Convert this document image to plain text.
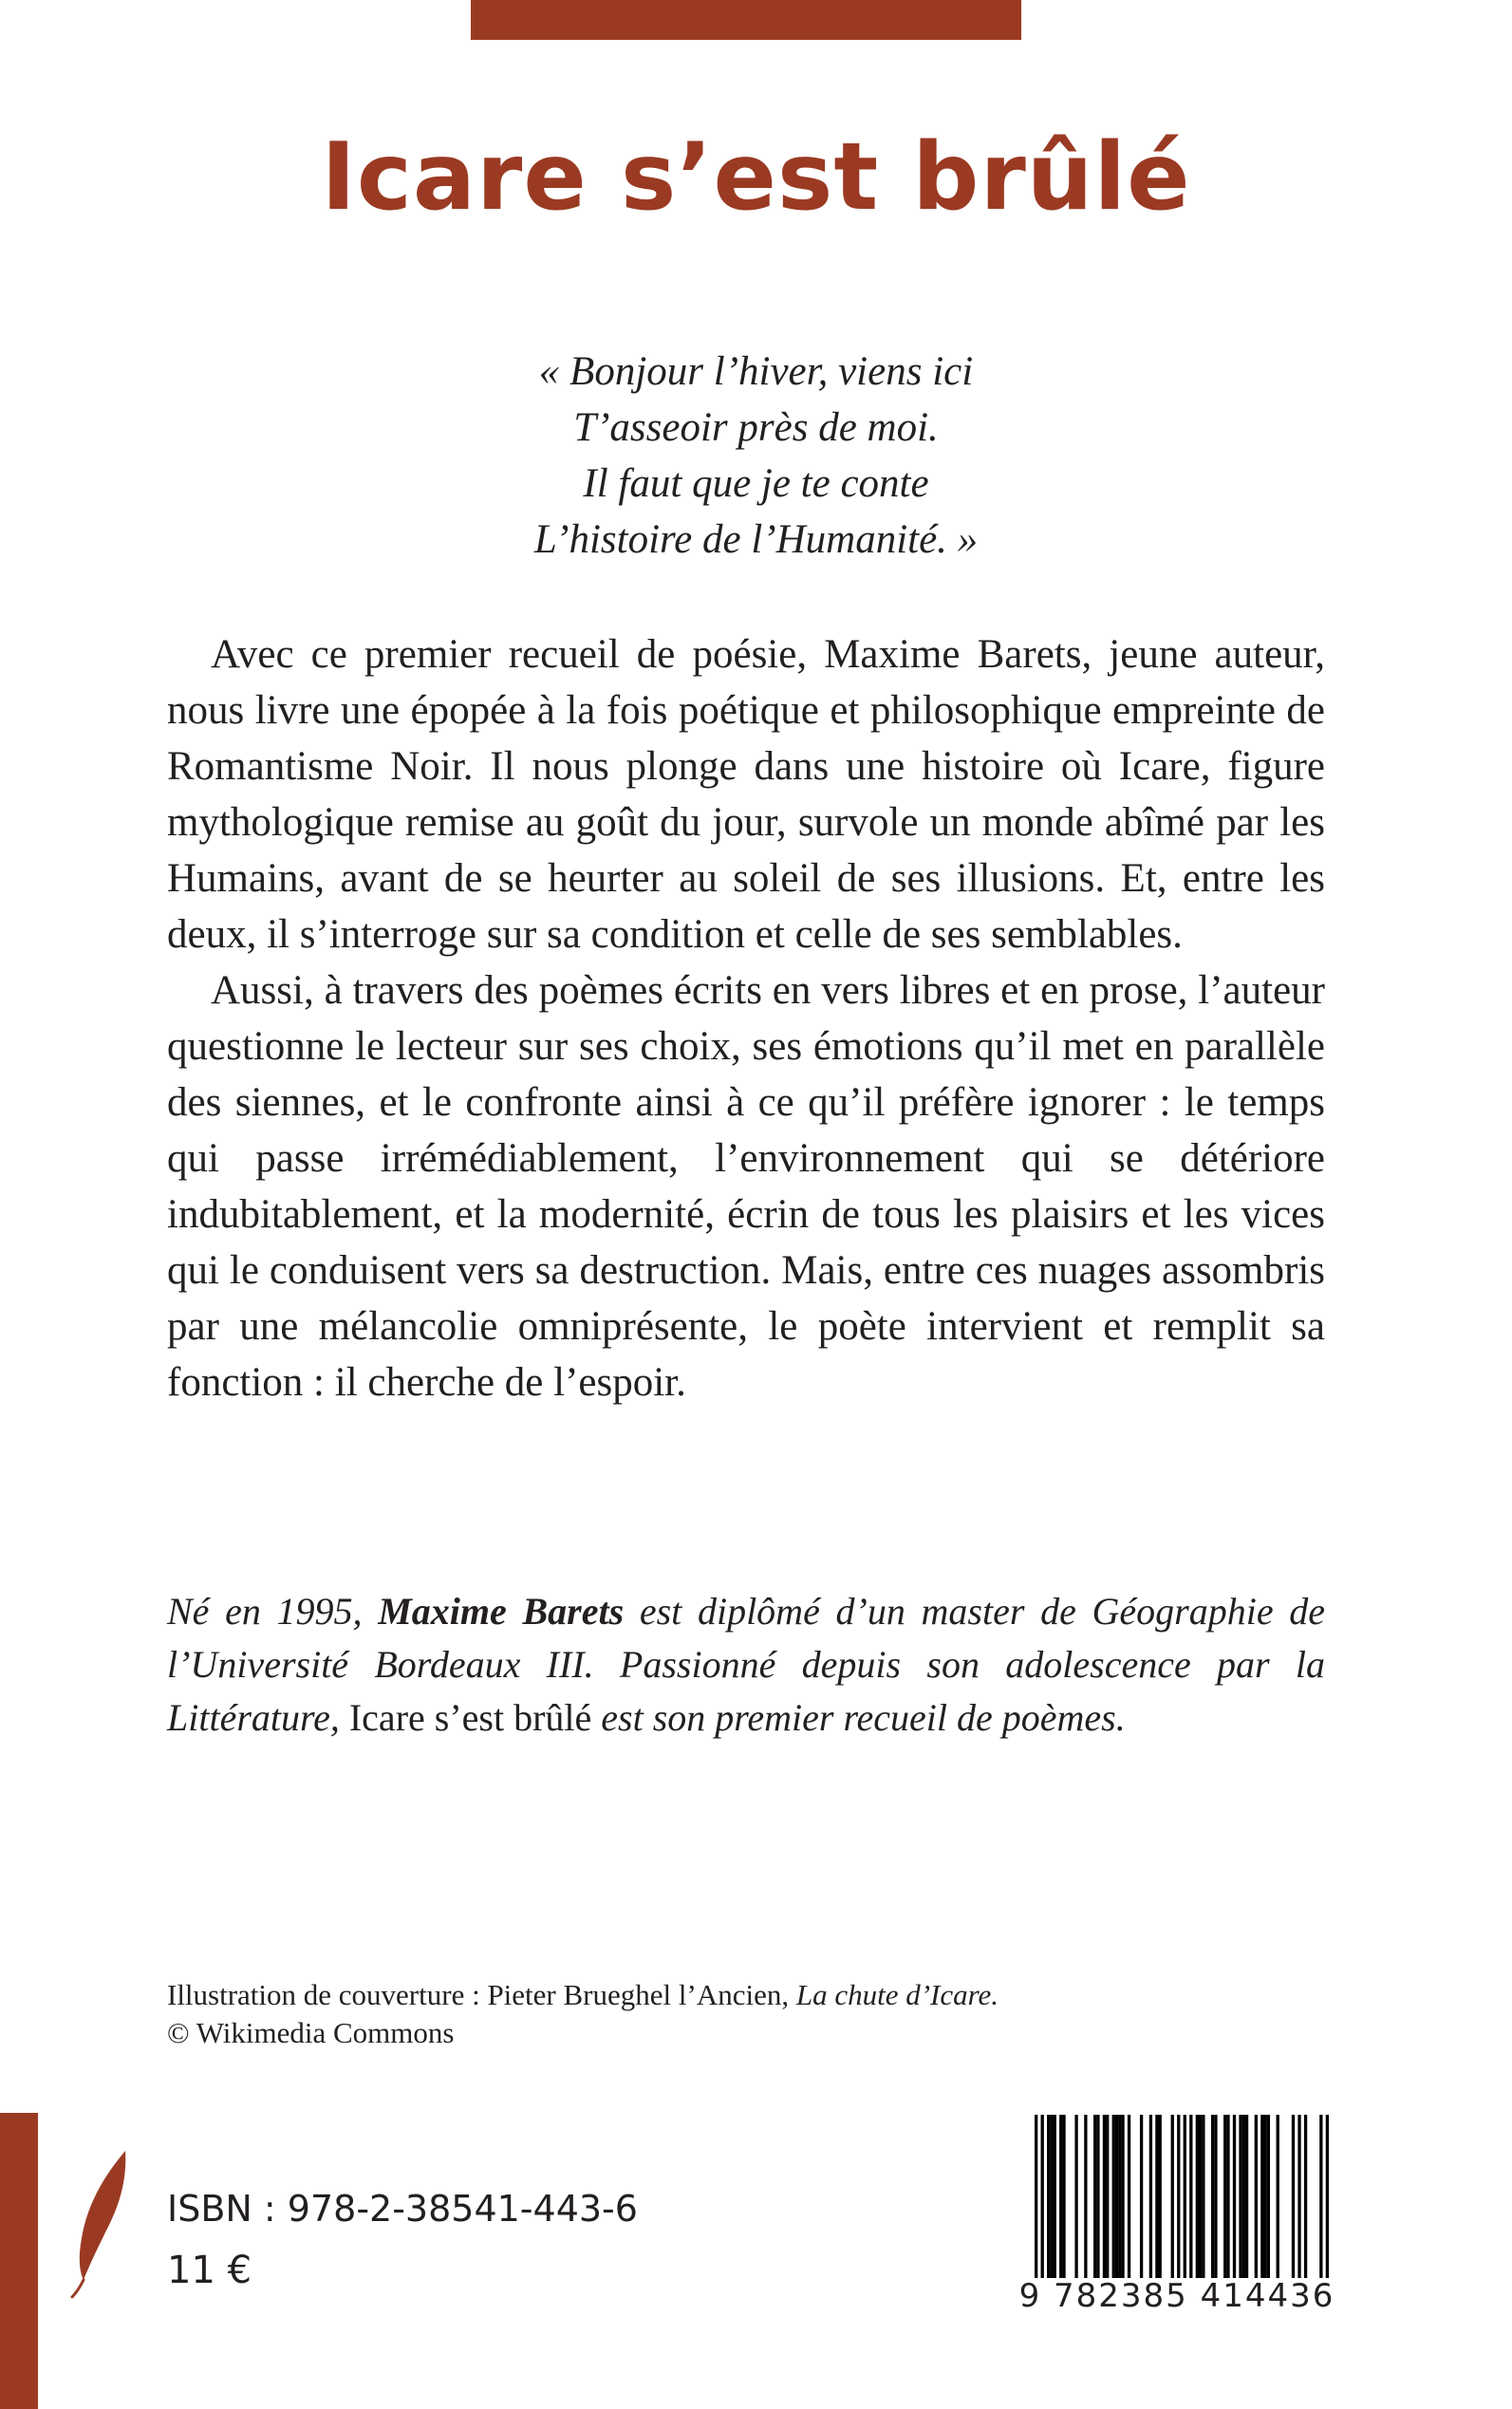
Icare s’est brûlé
« Bonjour l’hiver, viens ici
T’asseoir près de moi.
Il faut que je te conte
L’histoire de l’Humanité. »

Avec ce premier recueil de poésie, Maxime Barets, jeune auteur, nous livre une épopée à la fois poétique et philosophique empreinte de Romantisme Noir. Il nous plonge dans une histoire où Icare, figure mythologique remise au goût du jour, survole un monde abîmé par les Humains, avant de se heurter au soleil de ses illusions. Et, entre les deux, il s’interroge sur sa condition et celle de ses semblables.

Aussi, à travers des poèmes écrits en vers libres et en prose, l’auteur questionne le lecteur sur ses choix, ses émotions qu’il met en parallèle des siennes, et le confronte ainsi à ce qu’il préfère ignorer : le temps qui passe irrémédiablement, l’environnement qui se détériore indubitablement, et la modernité, écrin de tous les plaisirs et les vices qui le conduisent vers sa destruction. Mais, entre ces nuages assombris par une mélancolie omniprésente, le poète intervient et remplit sa fonction : il cherche de l’espoir.

Né en 1995, Maxime Barets est diplômé d’un master de Géographie de l’Université Bordeaux III. Passionné depuis son adolescence par la Littérature, Icare s’est brûlé est son premier recueil de poèmes.
Illustration de couverture : Pieter Brueghel l’Ancien, La chute d’Icare.
© Wikimedia Commons
ISBN : 978-2-38541-443-6
11 €
9 782385 414436
